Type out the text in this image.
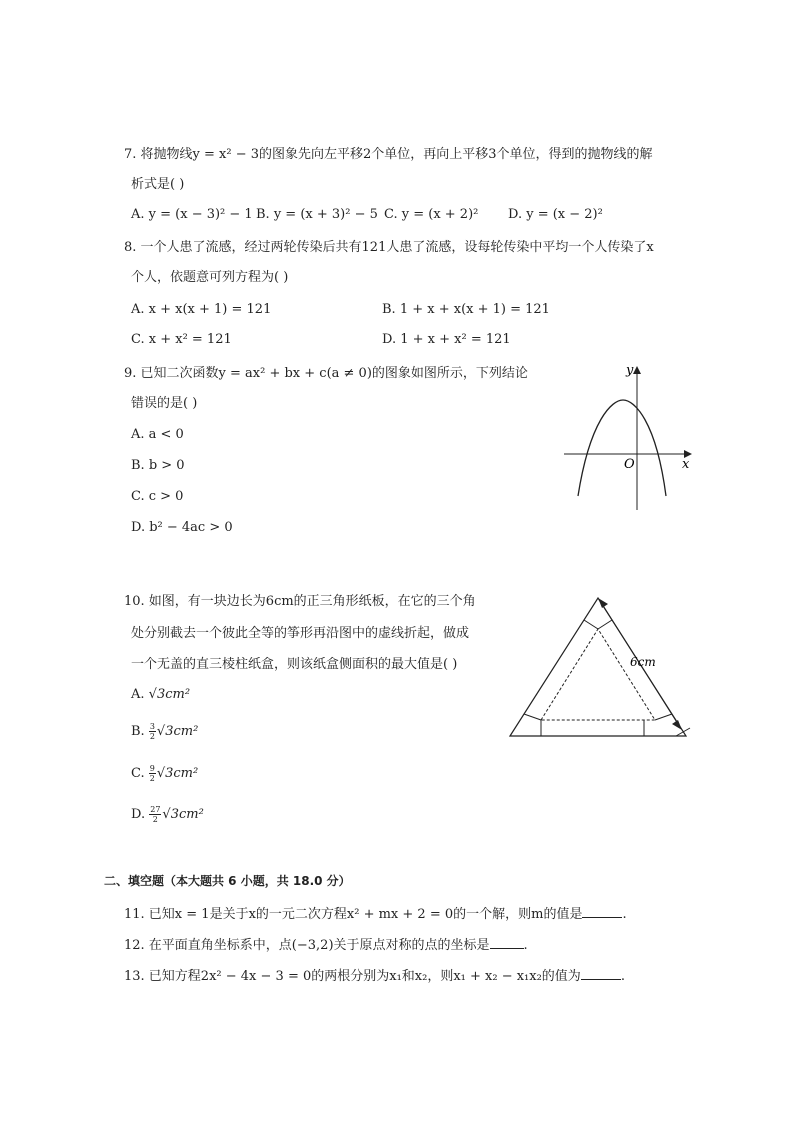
7. 将抛物线y = x² − 3的图象先向左平移2个单位，再向上平移3个单位，得到的抛物线的解
析式是( )
A. y = (x − 3)² − 1 B. y = (x + 3)² − 5 C. y = (x + 2)² D. y = (x − 2)²
8. 一个人患了流感，经过两轮传染后共有121人患了流感，设每轮传染中平均一个人传染了x
个人，依题意可列方程为( )
A. x + x(x + 1) = 121	B. 1 + x + x(x + 1) = 121
C. x + x² = 121	D. 1 + x + x² = 121
9. 已知二次函数y = ax² + bx + c(a ≠ 0)的图象如图所示，下列结论
错误的是( )
A. a < 0
B. b > 0
C. c > 0
D. b² − 4ac > 0
y
x
O
10. 如图，有一块边长为6cm的正三角形纸板，在它的三个角
处分别截去一个彼此全等的筝形再沿图中的虚线折起，做成
一个无盖的直三棱柱纸盒，则该纸盒侧面积的最大值是( )
A. √3cm²
B. $\frac{3}{2} √3cm^2$
C. $\frac{9}{2} √3cm^2$
D. $\frac{27}{2} √3cm^2$
6cm
二、填空题（本大题共 6 小题，共 18.0 分）
11. 已知x = 1是关于x的一元二次方程x² + mx + 2 = 0的一个解，则m的值是	.
12. 在平面直角坐标系中，点(−3,2)关于原点对称的点的坐标是	.
13. 已知方程2x² − 4x − 3 = 0的两根分别为x₁和x₂，则x₁ + x₂ − x₁x₂的值为	.
